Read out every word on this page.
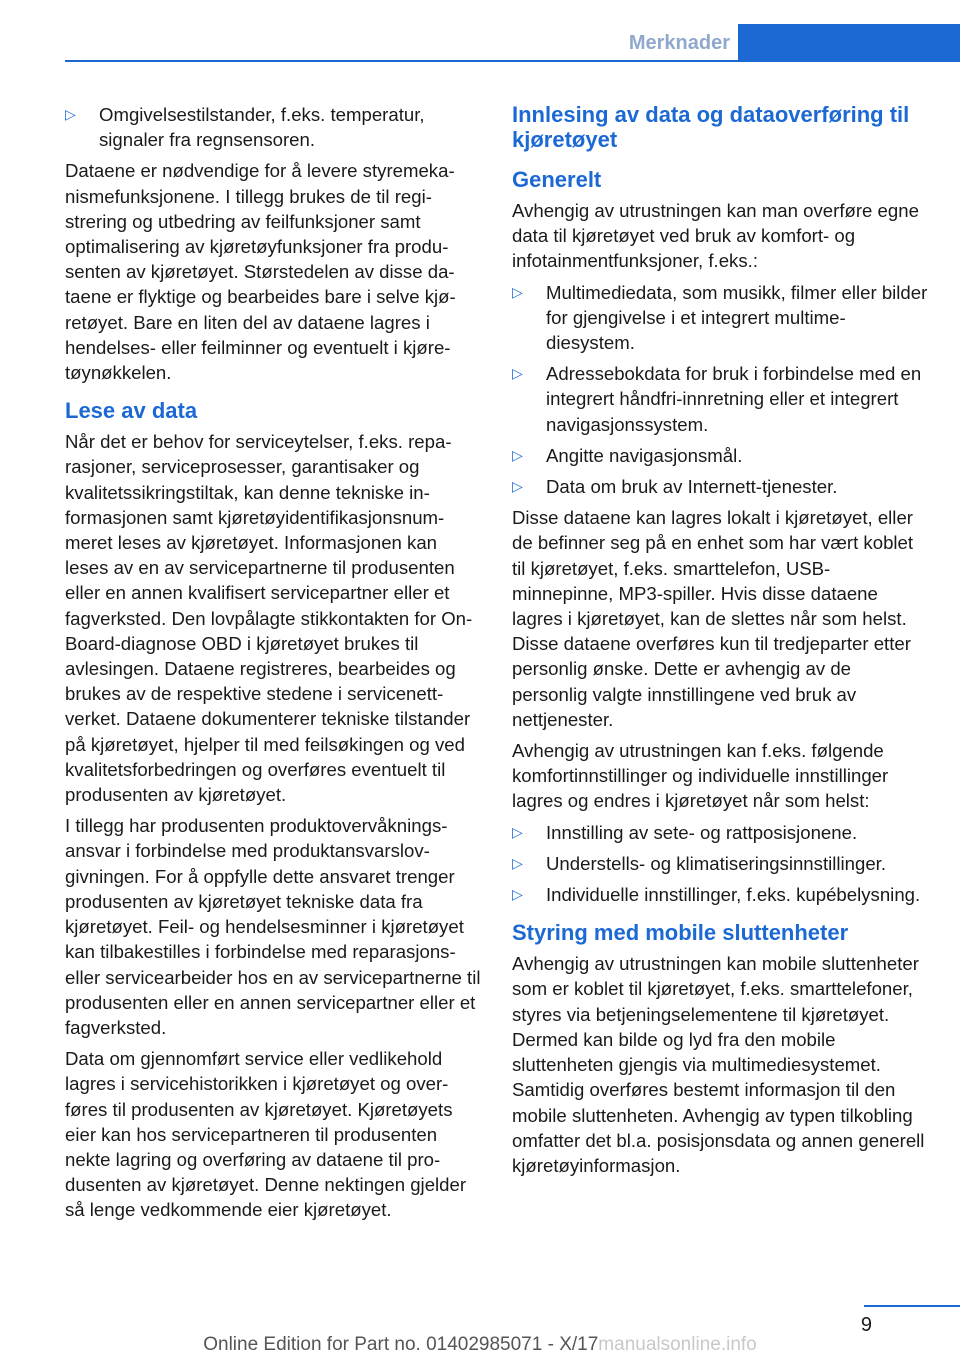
Merknader
▷ Omgivelsestilstander, f.eks. temperatur, signaler fra regnsensoren.

Dataene er nødvendige for å levere styremekanismefunksjonene. I tillegg brukes de til registrering og utbedring av feilfunksjoner samt optimalisering av kjøretøyfunksjoner fra produsenten av kjøretøyet. Størstedelen av disse dataene er flyktige og bearbeides bare i selve kjøretøyet. Bare en liten del av dataene lagres i hendelses- eller feilminner og eventuelt i kjøretøynøkkelen.

Lese av data

Når det er behov for serviceytelser, f.eks. reparasjoner, serviceprosesser, garantisaker og kvalitetssikringstiltak, kan denne tekniske informasjonen samt kjøretøyidentifikasjonsnummeret leses av kjøretøyet. Informasjonen kan leses av en av servicepartnerne til produsenten eller en annen kvalifisert servicepartner eller et fagverksted. Den lovpålagte stikkontakten for On-Board-diagnose OBD i kjøretøyet brukes til avlesingen. Dataene registreres, bearbeides og brukes av de respektive stedene i servicenettverket. Dataene dokumenterer tekniske tilstander på kjøretøyet, hjelper til med feilsøkingen og ved kvalitetsforbedringen og overføres eventuelt til produsenten av kjøretøyet.

I tillegg har produsenten produktovervåkningsansvar i forbindelse med produktansvarslovgivningen. For å oppfylle dette ansvaret trenger produsenten av kjøretøyet tekniske data fra kjøretøyet. Feil- og hendelsesminner i kjøretøyet kan tilbakestilles i forbindelse med reparasjons- eller servicearbeider hos en av servicepartnerne til produsenten eller en annen servicepartner eller et fagverksted.

Data om gjennomført service eller vedlikehold lagres i servicehistorikken i kjøretøyet og overføres til produsenten av kjøretøyet. Kjøretøyets eier kan hos servicepartneren til produsenten nekte lagring og overføring av dataene til produsenten av kjøretøyet. Denne nektingen gjelder så lenge vedkommende eier kjøretøyet.

Innlesing av data og dataoverføring til kjøretøyet
Generelt

Avhengig av utrustningen kan man overføre egne data til kjøretøyet ved bruk av komfort- og infotainmentfunksjoner, f.eks.:

▷ Multimediedata, som musikk, filmer eller bilder for gjengivelse i et integrert multimediesystem.
▷ Adressebokdata for bruk i forbindelse med en integrert håndfri-innretning eller et integrert navigasjonssystem.
▷ Angitte navigasjonsmål.
▷ Data om bruk av Internett-tjenester.

Disse dataene kan lagres lokalt i kjøretøyet, eller de befinner seg på en enhet som har vært koblet til kjøretøyet, f.eks. smarttelefon, USB-minnepinne, MP3-spiller. Hvis disse dataene lagres i kjøretøyet, kan de slettes når som helst. Disse dataene overføres kun til tredjeparter etter personlig ønske. Dette er avhengig av de personlig valgte innstillingene ved bruk av nettjenester.

Avhengig av utrustningen kan f.eks. følgende komfortinnstillinger og individuelle innstillinger lagres og endres i kjøretøyet når som helst:

▷ Innstilling av sete- og rattposisjonene.
▷ Understells- og klimatiseringsinnstillinger.
▷ Individuelle innstillinger, f.eks. kupébelysning.
Styring med mobile sluttenheter

Avhengig av utrustningen kan mobile sluttenheter som er koblet til kjøretøyet, f.eks. smarttelefoner, styres via betjeningselementene til kjøretøyet. Dermed kan bilde og lyd fra den mobile sluttenheten gjengis via multimediesystemet. Samtidig overføres bestemt informasjon til den mobile sluttenheten. Avhengig av typen tilkobling omfatter det bl.a. posisjonsdata og annen generell kjøretøyinformasjon.

9
Online Edition for Part no. 01402985071 - X/17manualsonline.info
